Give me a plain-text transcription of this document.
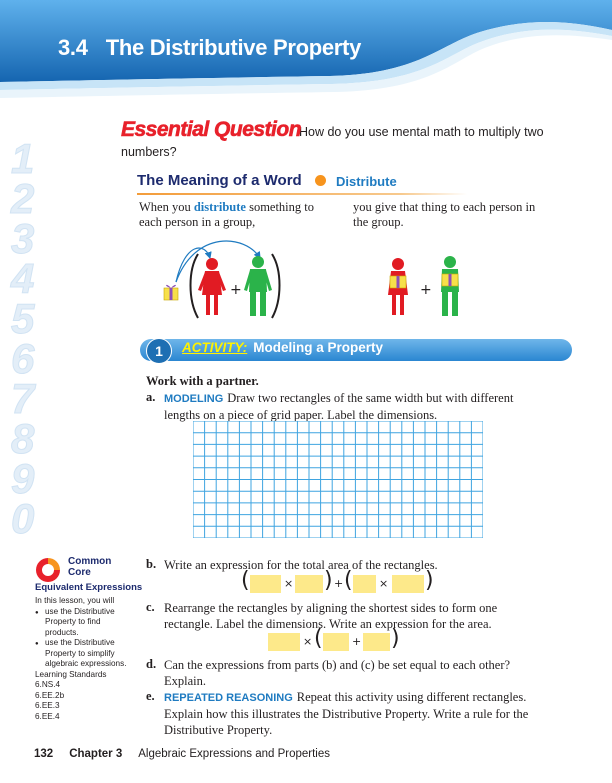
3.4 The Distributive Property
1
2
3
4
5
6
7
8
9
0
How do you use mental math to multiply two numbers?
Essential Question
The Meaning of a Word	Distribute
When you distribute something to each person in a group,
you give that thing to each person in the group.
+	+
1	ACTIVITY: Modeling a Property
Work with a partner.
a. MODELING Draw two rectangles of the same width but with different lengths on a piece of grid paper. Label the dimensions.
b. Write an expression for the total area of the rectangles.
(	× ) + ( × )
c. Rearrange the rectangles by aligning the shortest sides to form one rectangle. Label the dimensions. Write an expression for the area.
× (	+ )
d. Can the expressions from parts (b) and (c) be set equal to each other? Explain.
e. REPEATED REASONING Repeat this activity using different rectangles. Explain how this illustrates the Distributive Property. Write a rule for the Distributive Property.
Common
Core
Equivalent Expressions
In this lesson, you will
● use the Distributive Property to find products.
● use the Distributive Property to simplify algebraic expressions.
Learning Standards
6.NS.4
6.EE.2b
6.EE.3
6.EE.4
132 Chapter 3 Algebraic Expressions and Properties
